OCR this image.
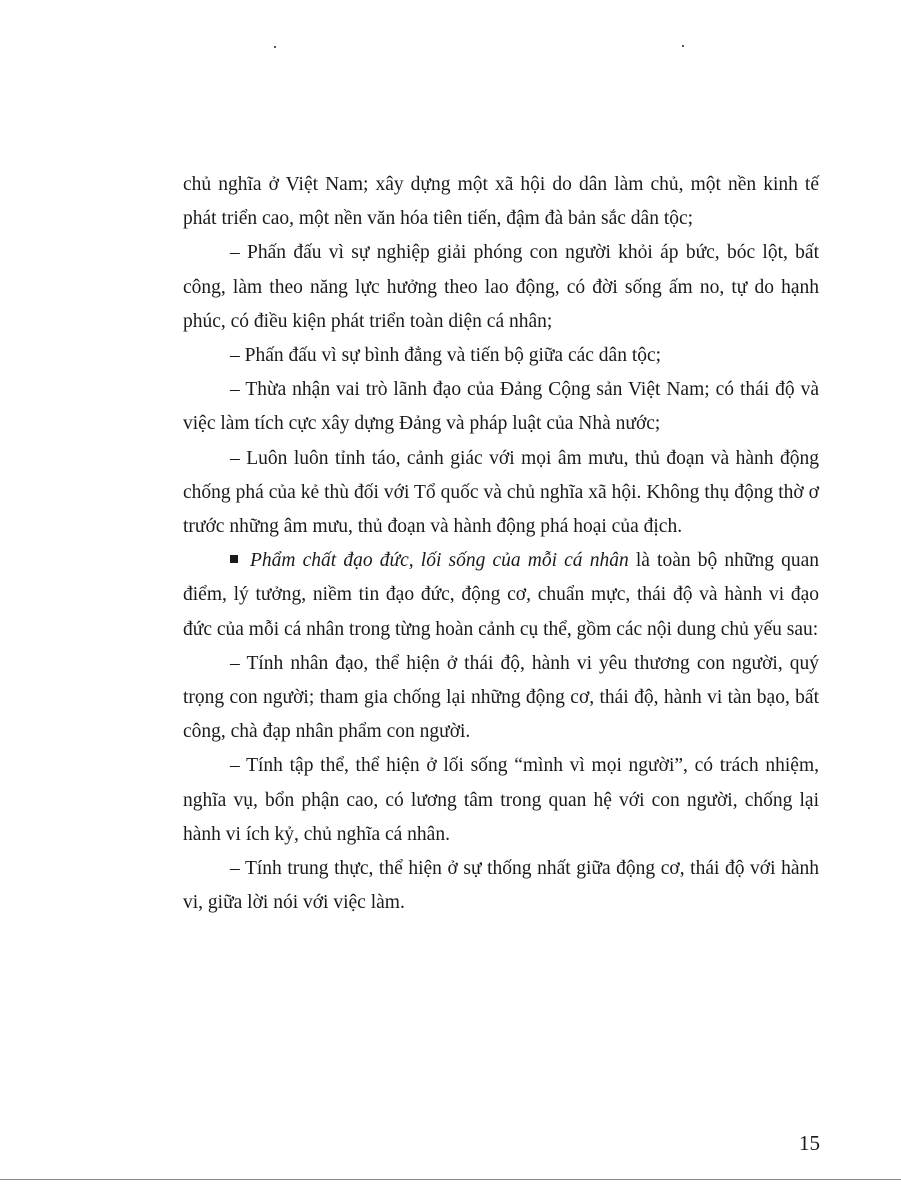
chủ nghĩa ở Việt Nam; xây dựng một xã hội do dân làm chủ, một nền kinh tế phát triển cao, một nền văn hóa tiên tiến, đậm đà bản sắc dân tộc;

– Phấn đấu vì sự nghiệp giải phóng con người khỏi áp bức, bóc lột, bất công, làm theo năng lực hưởng theo lao động, có đời sống ấm no, tự do hạnh phúc, có điều kiện phát triển toàn diện cá nhân;

– Phấn đấu vì sự bình đẳng và tiến bộ giữa các dân tộc;

– Thừa nhận vai trò lãnh đạo của Đảng Cộng sản Việt Nam; có thái độ và việc làm tích cực xây dựng Đảng và pháp luật của Nhà nước;

– Luôn luôn tỉnh táo, cảnh giác với mọi âm mưu, thủ đoạn và hành động chống phá của kẻ thù đối với Tổ quốc và chủ nghĩa xã hội. Không thụ động thờ ơ trước những âm mưu, thủ đoạn và hành động phá hoại của địch.

Phẩm chất đạo đức, lối sống của mỗi cá nhân là toàn bộ những quan điểm, lý tưởng, niềm tin đạo đức, động cơ, chuẩn mực, thái độ và hành vi đạo đức của mỗi cá nhân trong từng hoàn cảnh cụ thể, gồm các nội dung chủ yếu sau:

– Tính nhân đạo, thể hiện ở thái độ, hành vi yêu thương con người, quý trọng con người; tham gia chống lại những động cơ, thái độ, hành vi tàn bạo, bất công, chà đạp nhân phẩm con người.

– Tính tập thể, thể hiện ở lối sống “mình vì mọi người”, có trách nhiệm, nghĩa vụ, bổn phận cao, có lương tâm trong quan hệ với con người, chống lại hành vi ích kỷ, chủ nghĩa cá nhân.

– Tính trung thực, thể hiện ở sự thống nhất giữa động cơ, thái độ với hành vi, giữa lời nói với việc làm.

15
